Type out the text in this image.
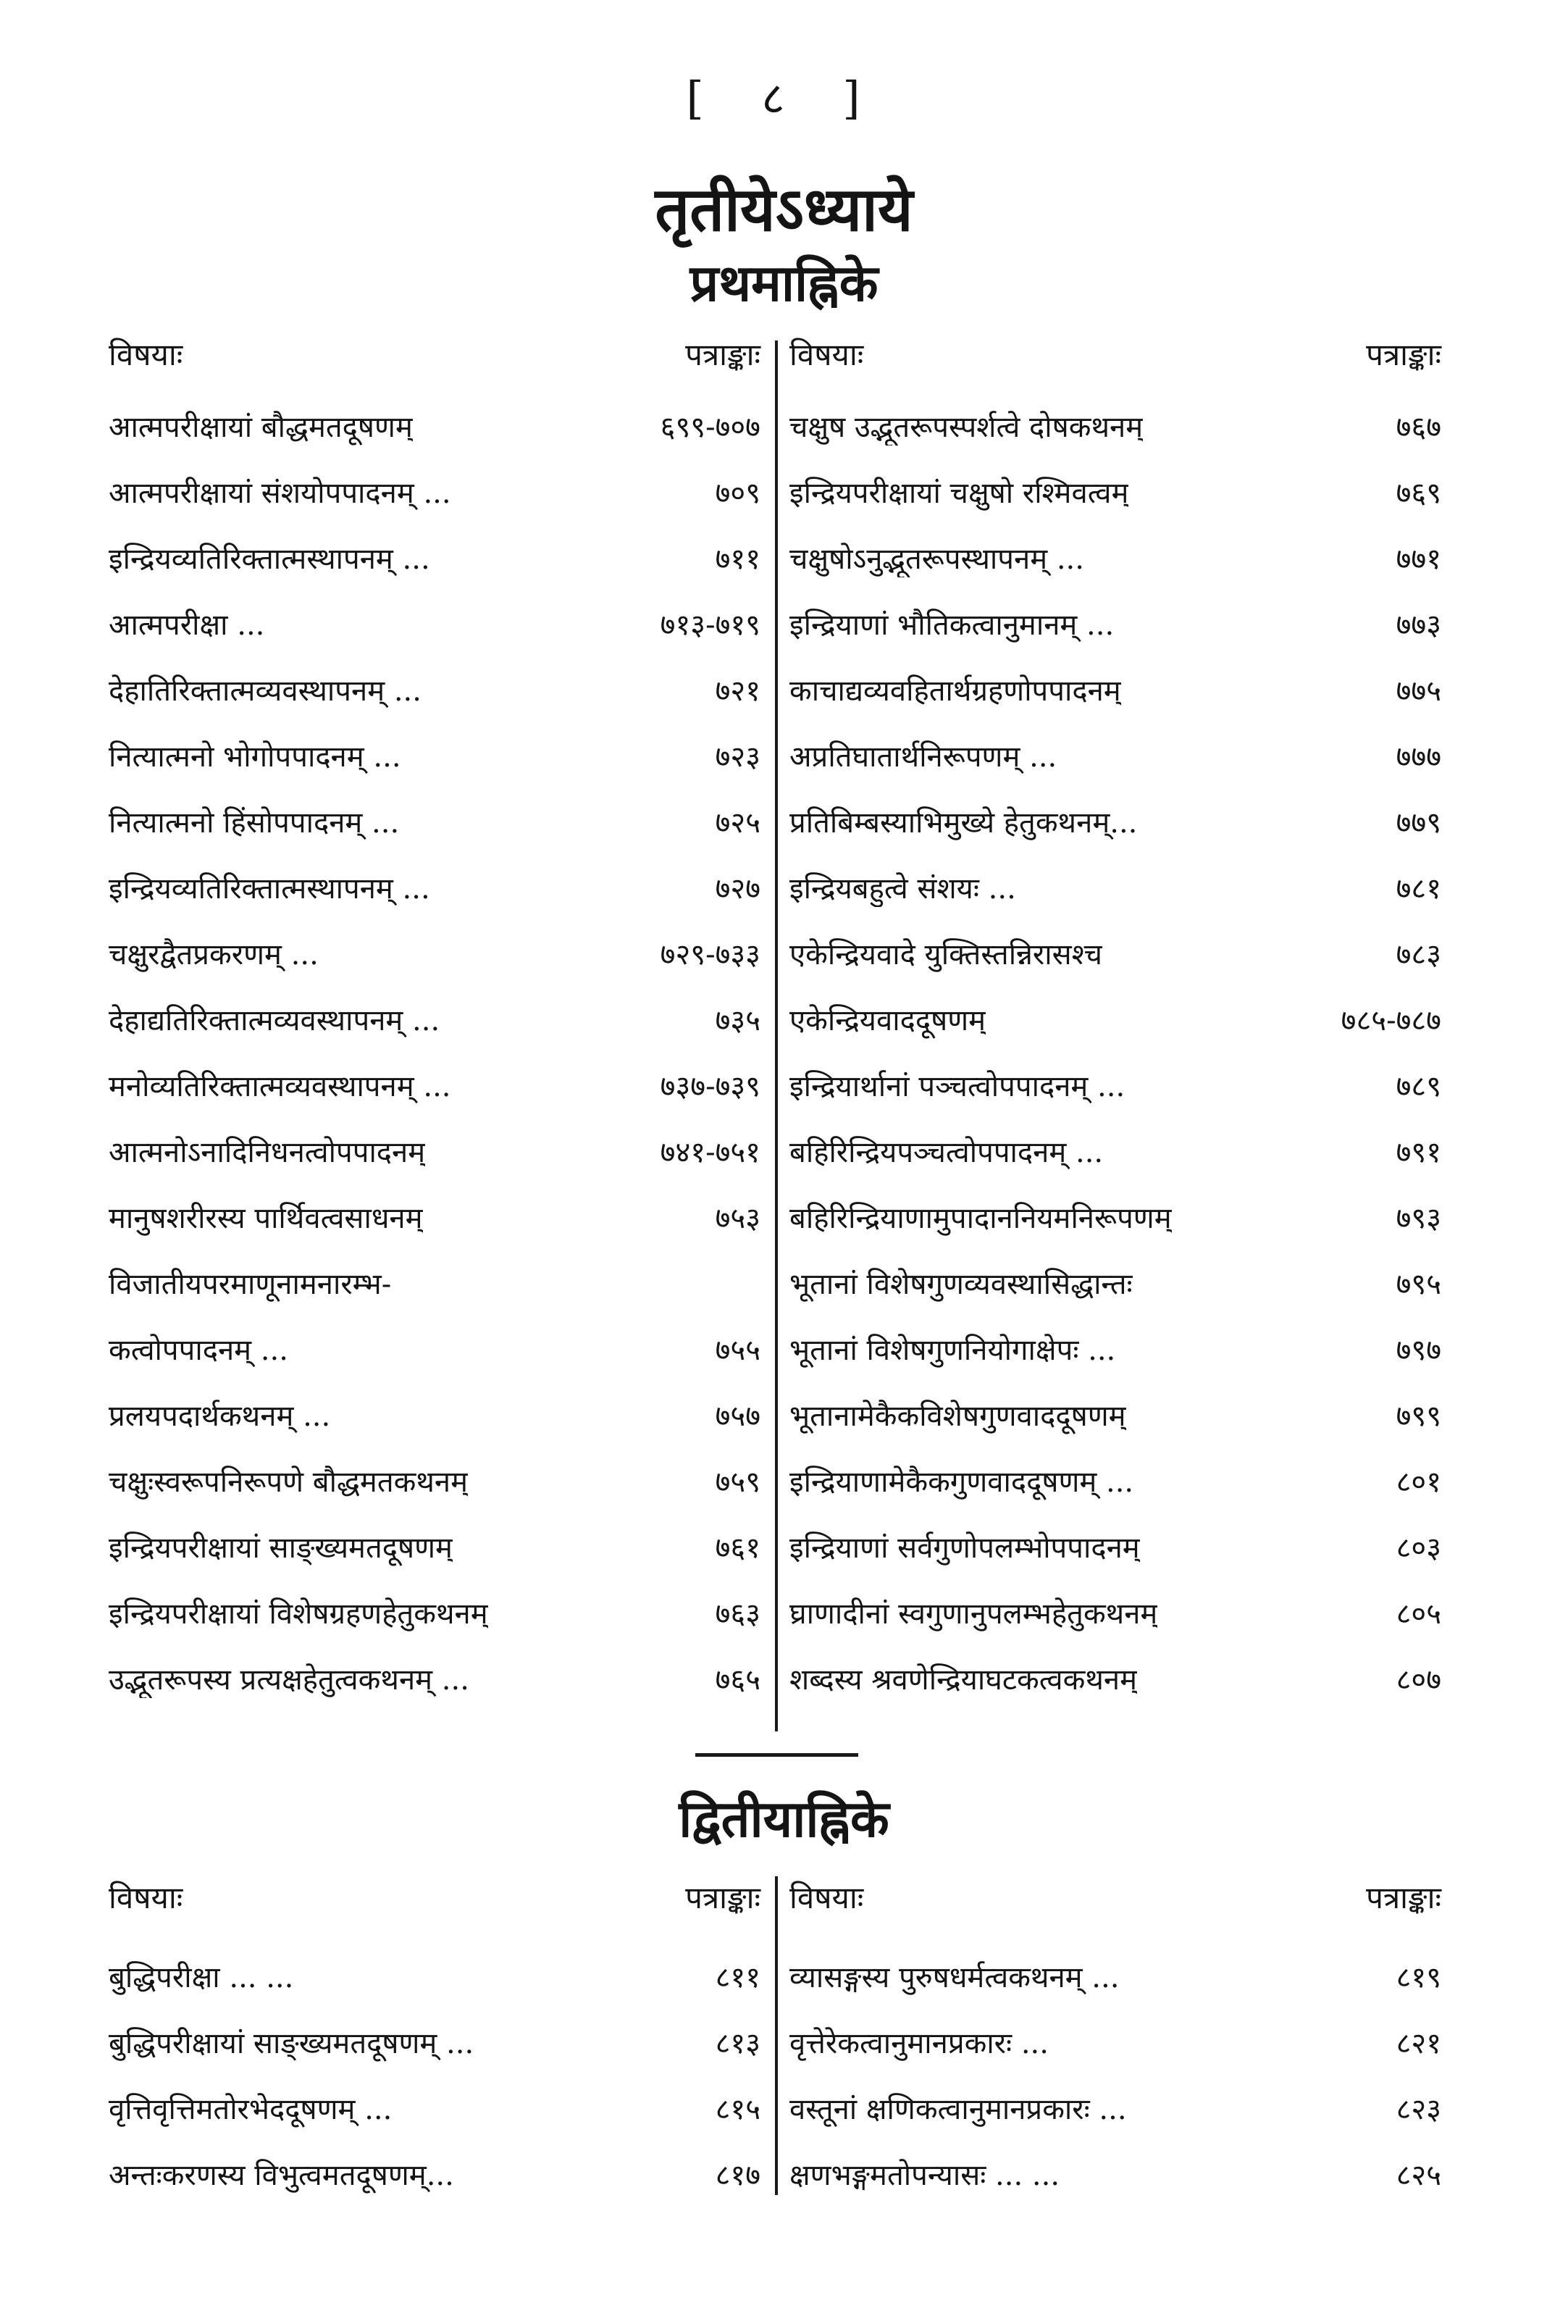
[ ८ ]
तृतीयेऽध्याये
प्रथमाह्निके
विषयाः	पत्राङ्काः
आत्मपरीक्षायां बौद्धमतदूषणम्	६९९-७०७
आत्मपरीक्षायां संशयोपपादनम् ...	७०९
इन्द्रियव्यतिरिक्तात्मस्थापनम् ...	७११
आत्मपरीक्षा ...	७१३-७१९
देहातिरिक्तात्मव्यवस्थापनम् ...	७२१
नित्यात्मनो भोगोपपादनम् ...	७२३
नित्यात्मनो हिंसोपपादनम् ...	७२५
इन्द्रियव्यतिरिक्तात्मस्थापनम् ...	७२७
चक्षुरद्वैतप्रकरणम् ...	७२९-७३३
देहाद्यतिरिक्तात्मव्यवस्थापनम् ...	७३५
मनोव्यतिरिक्तात्मव्यवस्थापनम् ...	७३७-७३९
आत्मनोऽनादिनिधनत्वोपपादनम्	७४१-७५१
मानुषशरीरस्य पार्थिवत्वसाधनम्	७५३
विजातीयपरमाणूनामनारम्भ-
कत्वोपपादनम् ...	७५५
प्रलयपदार्थकथनम् ...	७५७
चक्षुःस्वरूपनिरूपणे बौद्धमतकथनम्	७५९
इन्द्रियपरीक्षायां साङ्ख्यमतदूषणम्	७६१
इन्द्रियपरीक्षायां विशेषग्रहणहेतुकथनम्	७६३
उद्भूतरूपस्य प्रत्यक्षहेतुत्वकथनम् ...	७६५
विषयाः	पत्राङ्काः
चक्षुष उद्भूतरूपस्पर्शत्वे दोषकथनम्	७६७
इन्द्रियपरीक्षायां चक्षुषो रश्मिवत्वम्	७६९
चक्षुषोऽनुद्भूतरूपस्थापनम् ...	७७१
इन्द्रियाणां भौतिकत्वानुमानम् ...	७७३
काचाद्यव्यवहितार्थग्रहणोपपादनम्	७७५
अप्रतिघातार्थनिरूपणम् ...	७७७
प्रतिबिम्बस्याभिमुख्ये हेतुकथनम्...	७७९
इन्द्रियबहुत्वे संशयः ...	७८१
एकेन्द्रियवादे युक्तिस्तन्निरासश्च	७८३
एकेन्द्रियवाददूषणम्	७८५-७८७
इन्द्रियार्थानां पञ्चत्वोपपादनम् ...	७८९
बहिरिन्द्रियपञ्चत्वोपपादनम् ...	७९१
बहिरिन्द्रियाणामुपादाननियमनिरूपणम्	७९३
भूतानां विशेषगुणव्यवस्थासिद्धान्तः	७९५
भूतानां विशेषगुणनियोगाक्षेपः ...	७९७
भूतानामेकैकविशेषगुणवाददूषणम्	७९९
इन्द्रियाणामेकैकगुणवाददूषणम् ...	८०१
इन्द्रियाणां सर्वगुणोपलम्भोपपादनम्	८०३
घ्राणादीनां स्वगुणानुपलम्भहेतुकथनम्	८०५
शब्दस्य श्रवणेन्द्रियाघटकत्वकथनम्	८०७
द्वितीयाह्निके
विषयाः	पत्राङ्काः
बुद्धिपरीक्षा ... ...	८११
बुद्धिपरीक्षायां साङ्ख्यमतदूषणम् ...	८१३
वृत्तिवृत्तिमतोरभेददूषणम् ...	८१५
अन्तःकरणस्य विभुत्वमतदूषणम्...	८१७
विषयाः	पत्राङ्काः
व्यासङ्गस्य पुरुषधर्मत्वकथनम् ...	८१९
वृत्तेरेकत्वानुमानप्रकारः ...	८२१
वस्तूनां क्षणिकत्वानुमानप्रकारः ...	८२३
क्षणभङ्गमतोपन्यासः ... ...	८२५
